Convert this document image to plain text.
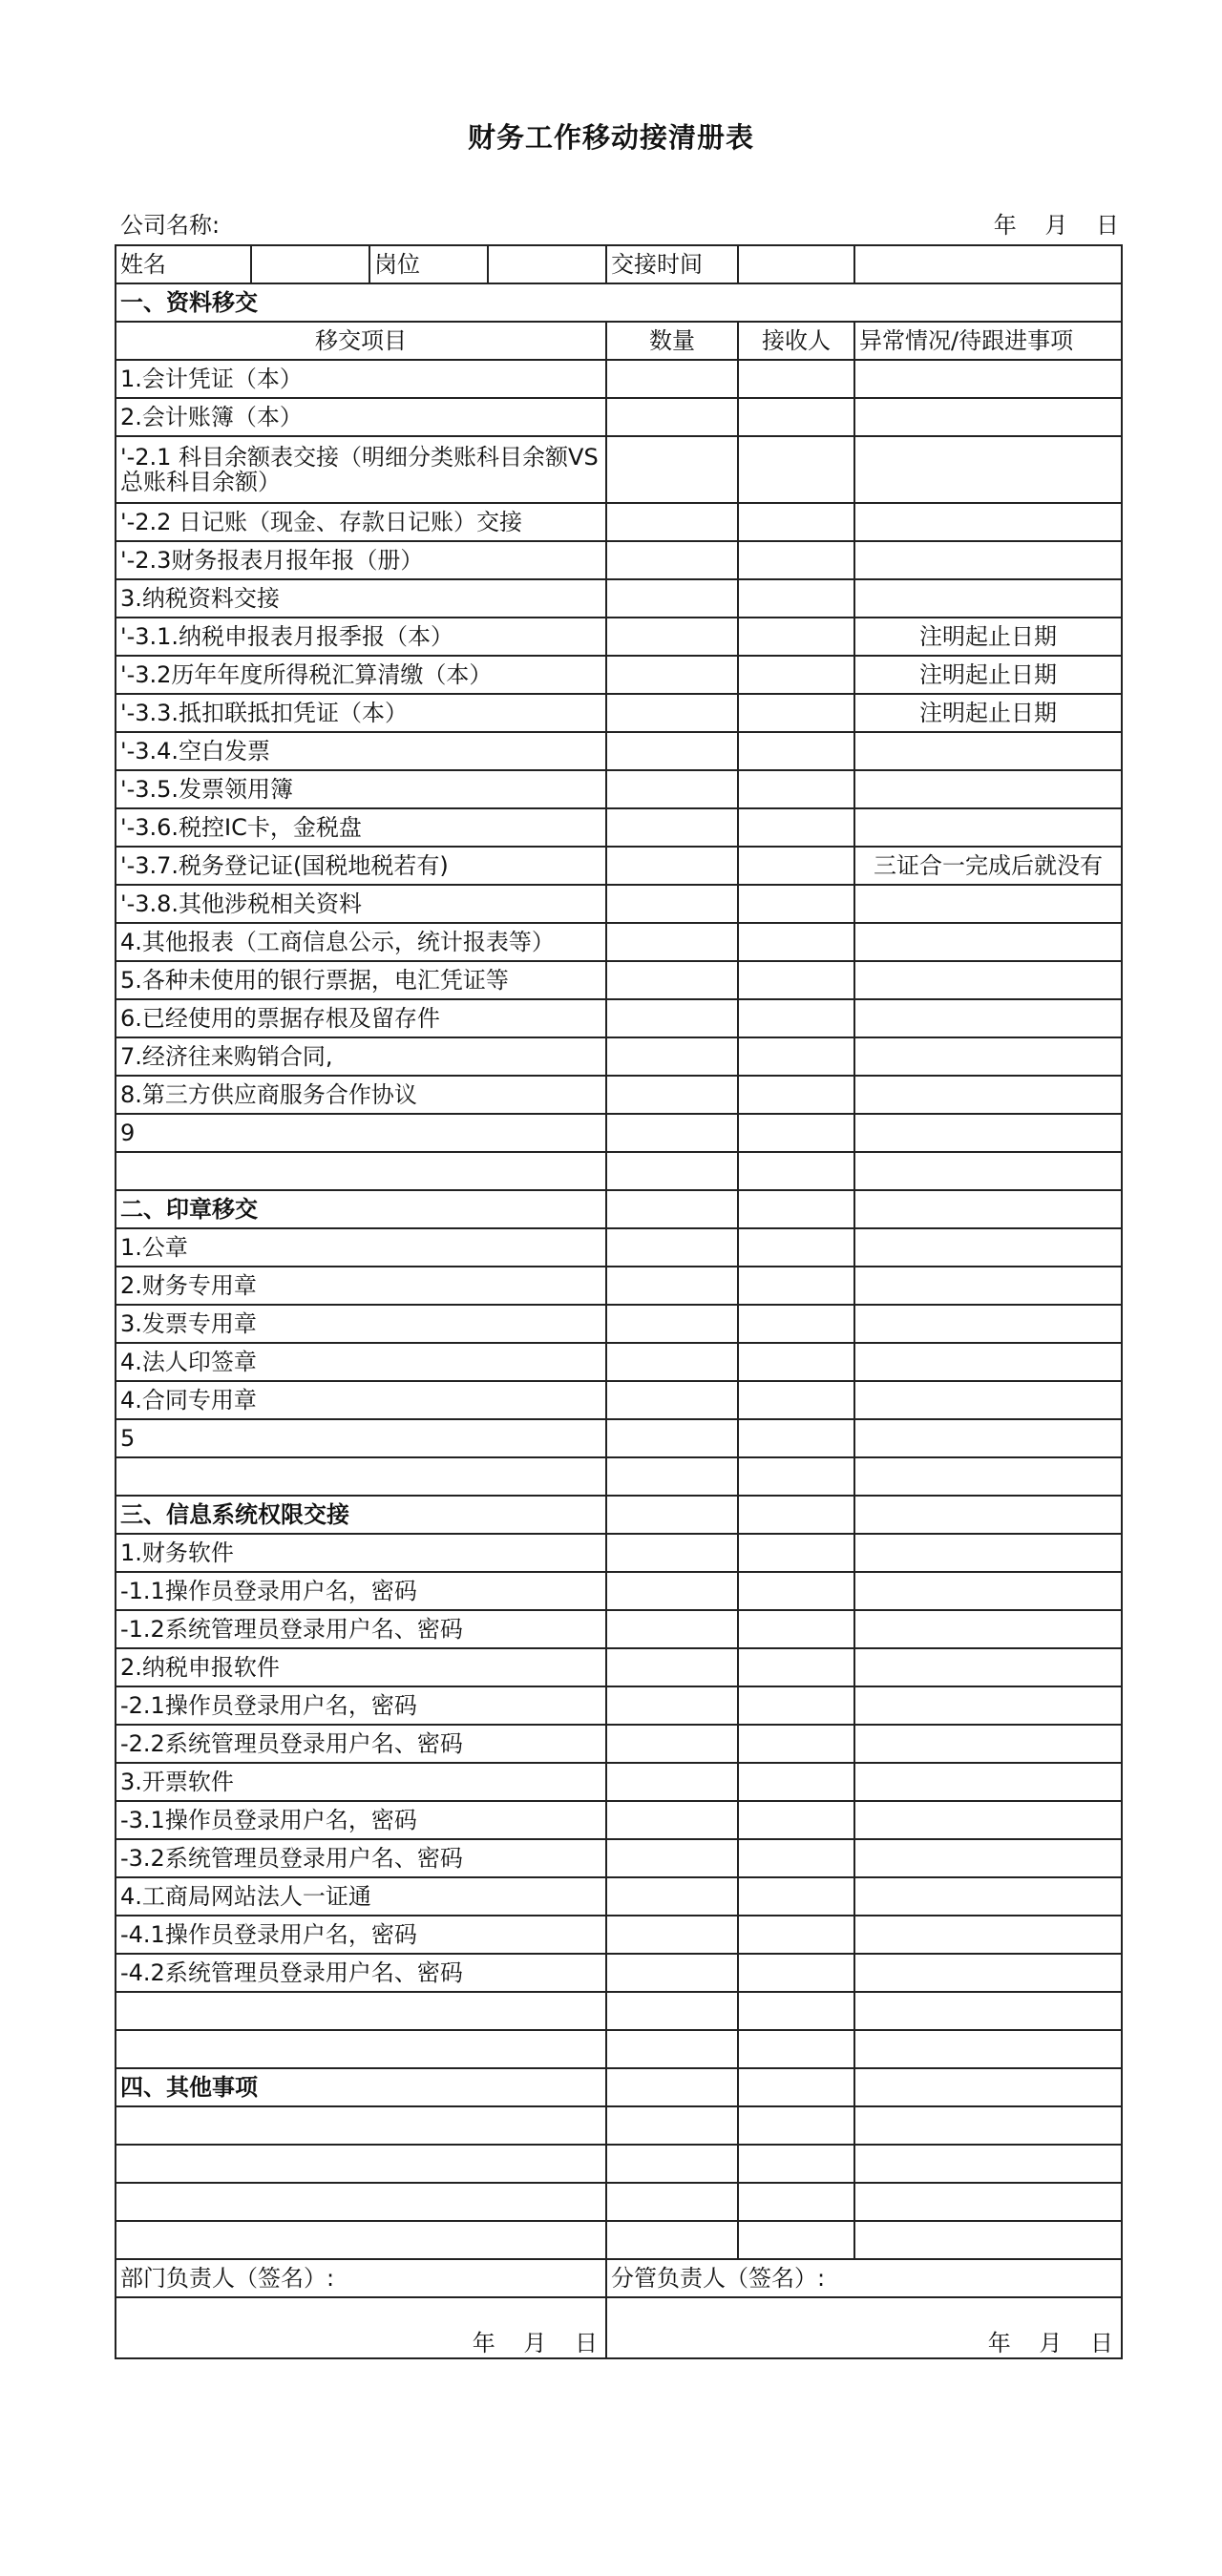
财务工作移动接清册表
公司名称:	年 月 日
姓名		岗位		交接时间		
一、资料移交						
移交项目				数量	接收人	异常情况/待跟进事项
1.会计凭证（本）						
2.会计账簿（本）						
'-2.1 科目余额表交接（明细分类账科目余额VS总账科目余额）						
'-2.2 日记账（现金、存款日记账）交接						
'-2.3财务报表月报年报（册）						
3.纳税资料交接						
'-3.1.纳税申报表月报季报（本）						注明起止日期
'-3.2历年年度所得税汇算清缴（本）						注明起止日期
'-3.3.抵扣联抵扣凭证（本）						注明起止日期
'-3.4.空白发票						
'-3.5.发票领用簿						
'-3.6.税控IC卡，金税盘						
'-3.7.税务登记证(国税地税若有)						三证合一完成后就没有
'-3.8.其他涉税相关资料						
4.其他报表（工商信息公示，统计报表等）						
5.各种未使用的银行票据，电汇凭证等						
6.已经使用的票据存根及留存件						
7.经济往来购销合同,						
8.第三方供应商服务合作协议						
9						

二、印章移交						
1.公章						
2.财务专用章						
3.发票专用章						
4.法人印签章						
4.合同专用章						
5						

三、信息系统权限交接						
1.财务软件						
-1.1操作员登录用户名，密码						
-1.2系统管理员登录用户名、密码						
2.纳税申报软件						
-2.1操作员登录用户名，密码						
-2.2系统管理员登录用户名、密码						
3.开票软件						
-3.1操作员登录用户名，密码						
-3.2系统管理员登录用户名、密码						
4.工商局网站法人一证通						
-4.1操作员登录用户名，密码						
-4.2系统管理员登录用户名、密码						

四、其他事项						

部门负责人（签名）:				分管负责人（签名）:		
年 月 日				年 月 日		
